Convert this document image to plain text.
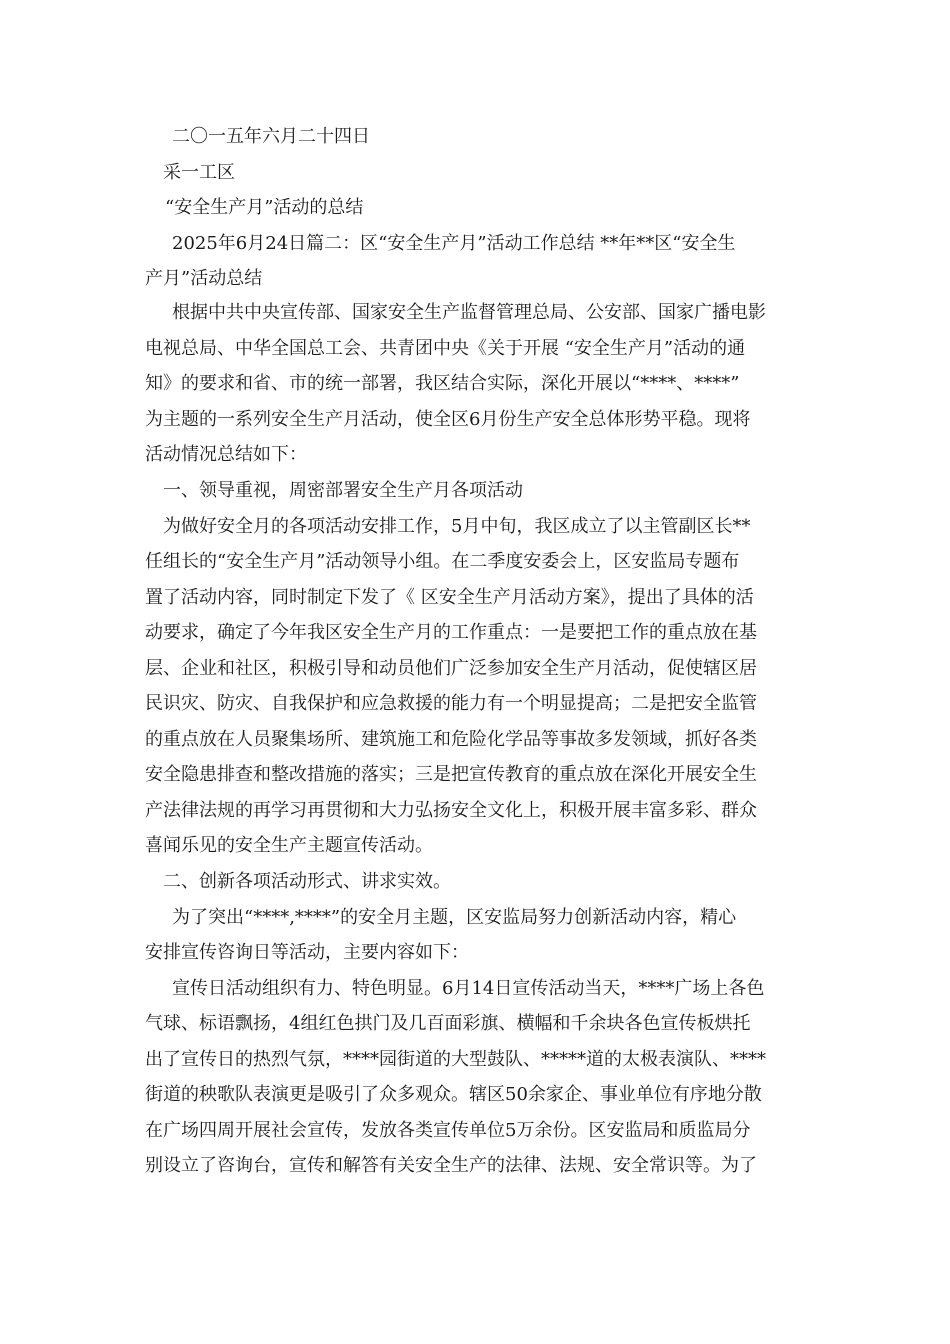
二〇一五年六月二十四日
采一工区
“安全生产月”活动的总结
2025年6月24日篇二：区“安全生产月”活动工作总结 **年**区“安全生
产月”活动总结
根据中共中央宣传部、国家安全生产监督管理总局、公安部、国家广播电影
电视总局、中华全国总工会、共青团中央《关于开展 “安全生产月”活动的通
知》的要求和省、市的统一部署，我区结合实际，深化开展以“****、****”
为主题的一系列安全生产月活动，使全区6月份生产安全总体形势平稳。现将
活动情况总结如下：
一、领导重视，周密部署安全生产月各项活动
为做好安全月的各项活动安排工作，5月中旬，我区成立了以主管副区长**
任组长的“安全生产月”活动领导小组。在二季度安委会上，区安监局专题布
置了活动内容，同时制定下发了《 区安全生产月活动方案》，提出了具体的活
动要求，确定了今年我区安全生产月的工作重点：一是要把工作的重点放在基
层、企业和社区，积极引导和动员他们广泛参加安全生产月活动，促使辖区居
民识灾、防灾、自我保护和应急救援的能力有一个明显提高；二是把安全监管
的重点放在人员聚集场所、建筑施工和危险化学品等事故多发领域，抓好各类
安全隐患排查和整改措施的落实；三是把宣传教育的重点放在深化开展安全生
产法律法规的再学习再贯彻和大力弘扬安全文化上，积极开展丰富多彩、群众
喜闻乐见的安全生产主题宣传活动。
二、创新各项活动形式、讲求实效。
为了突出“****,****”的安全月主题，区安监局努力创新活动内容，精心
安排宣传咨询日等活动，主要内容如下：
宣传日活动组织有力、特色明显。6月14日宣传活动当天，****广场上各色
气球、标语飘扬，4组红色拱门及几百面彩旗、横幅和千余块各色宣传板烘托
出了宣传日的热烈气氛，****园街道的大型鼓队、*****道的太极表演队、****
街道的秧歌队表演更是吸引了众多观众。辖区50余家企、事业单位有序地分散
在广场四周开展社会宣传，发放各类宣传单位5万余份。区安监局和质监局分
别设立了咨询台，宣传和解答有关安全生产的法律、法规、安全常识等。为了
